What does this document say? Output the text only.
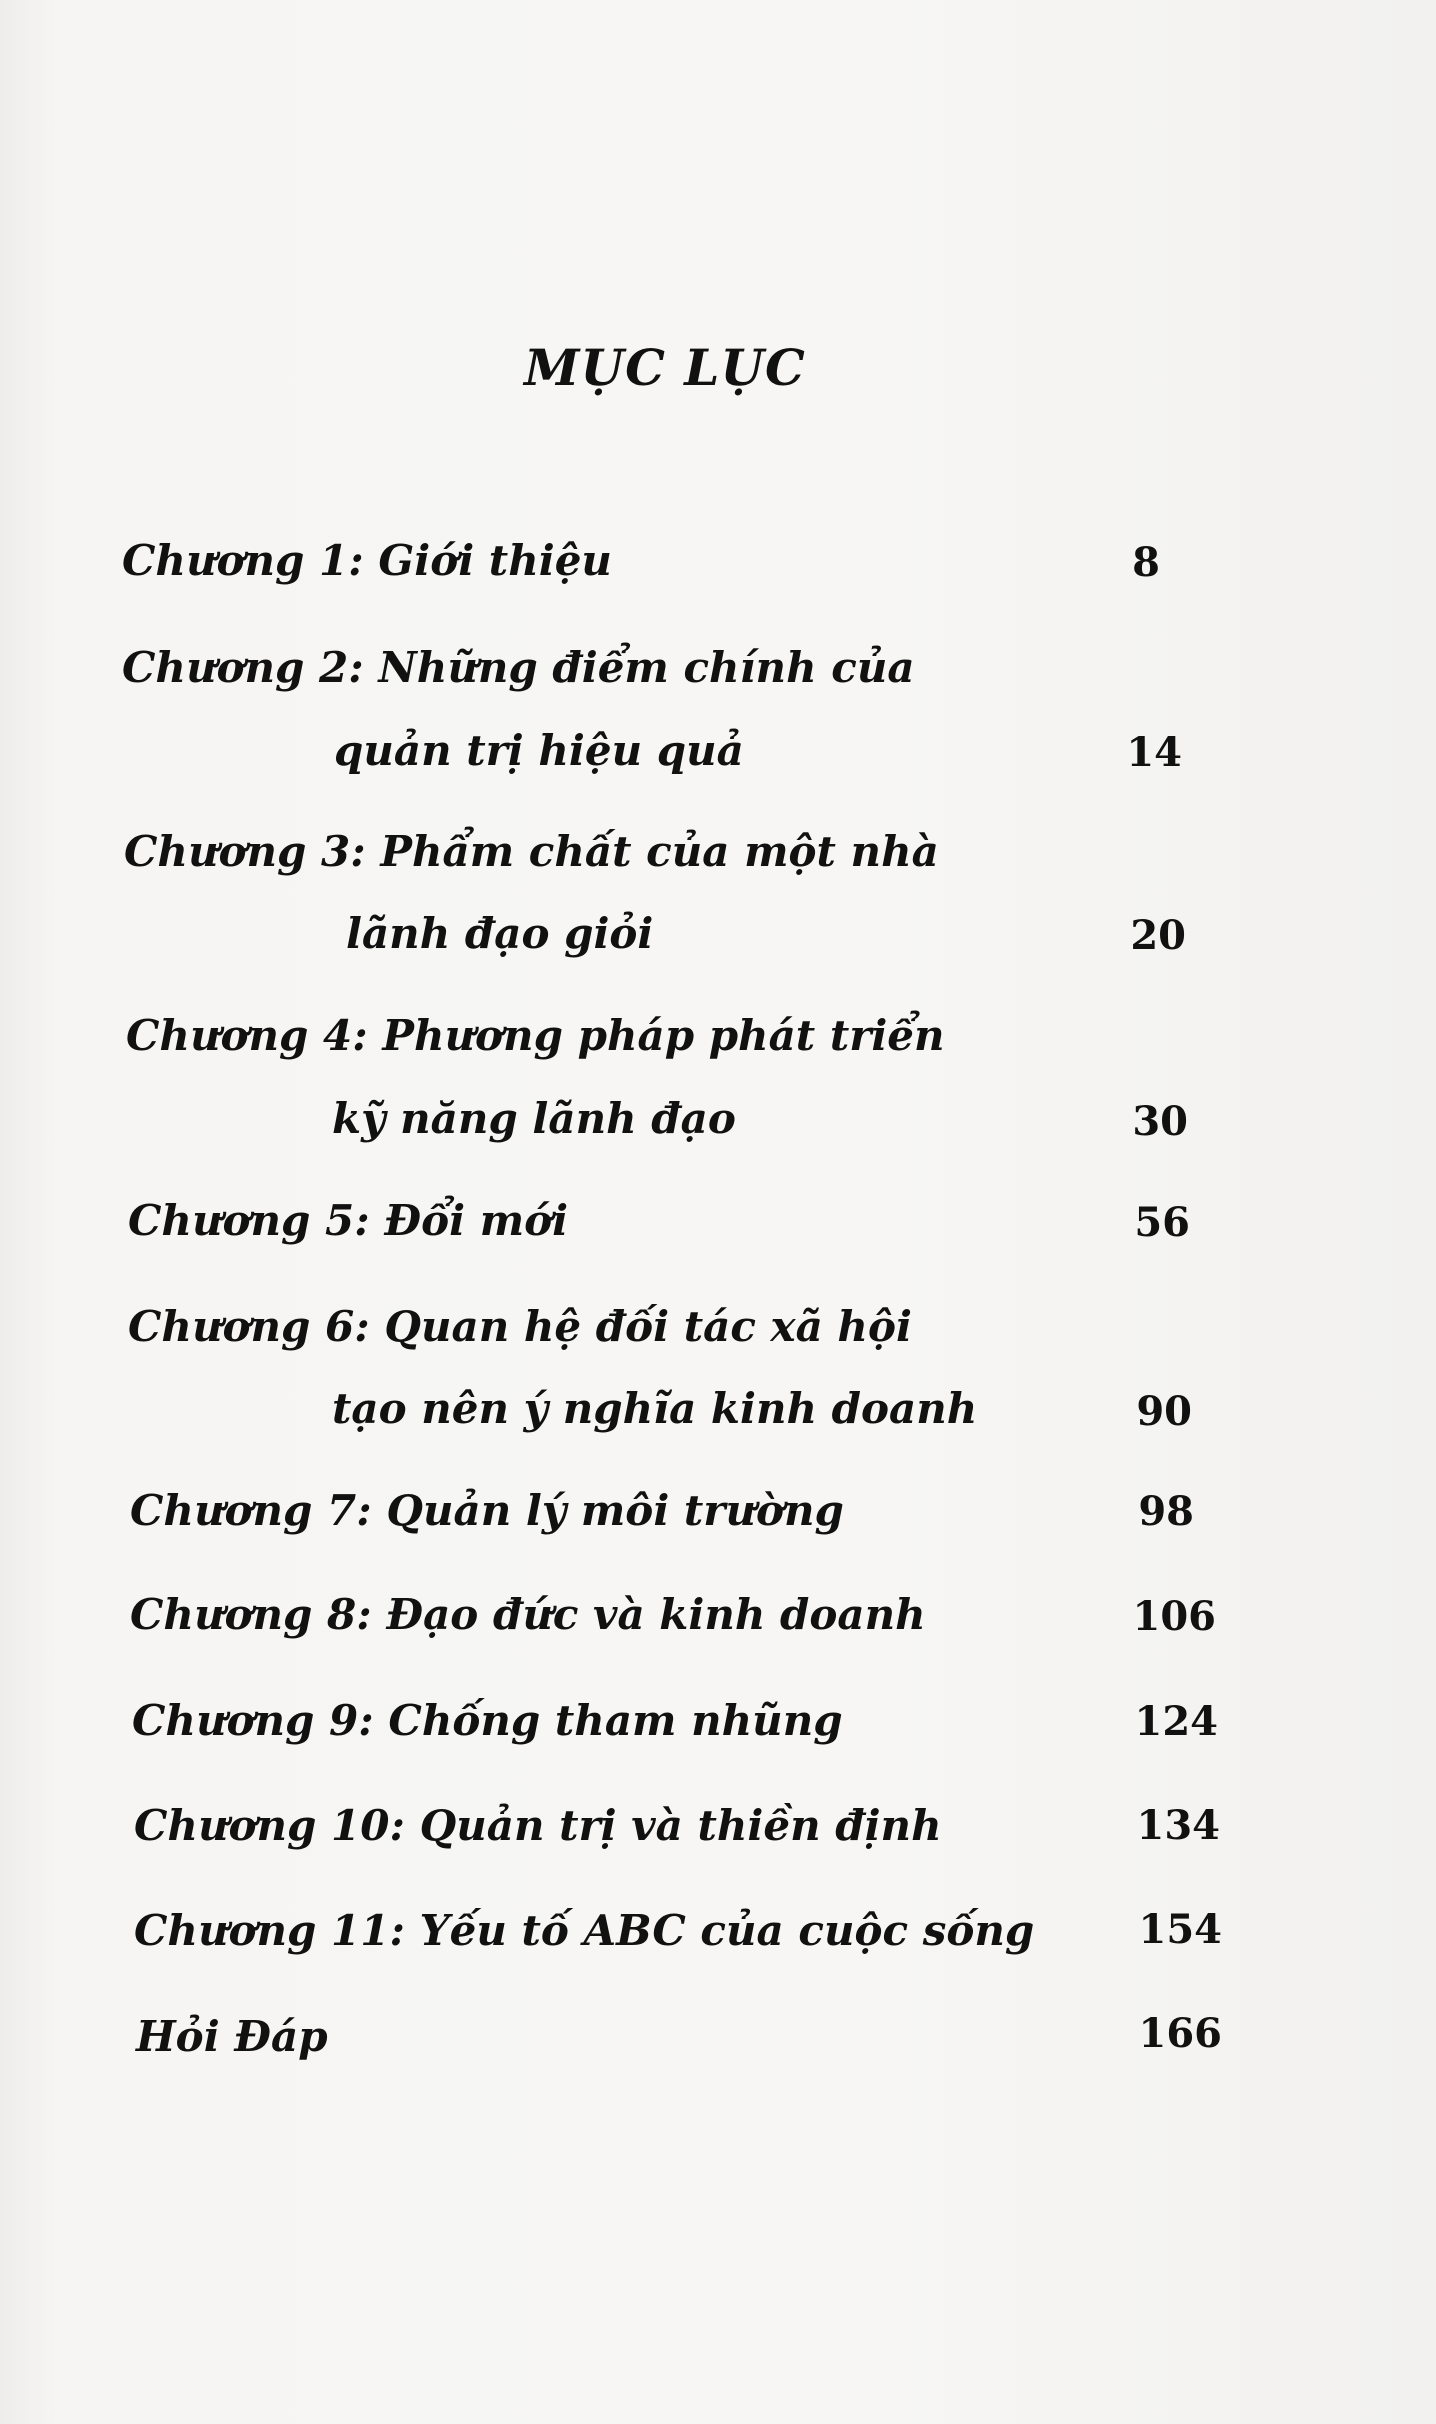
MỤC LỤC
Chương 1: Giới thiệu	8
Chương 2: Những điểm chính của
quản trị hiệu quả	14
Chương 3: Phẩm chất của một nhà
lãnh đạo giỏi	20
Chương 4: Phương pháp phát triển
kỹ năng lãnh đạo	30
Chương 5: Đổi mới	56
Chương 6: Quan hệ đối tác xã hội
tạo nên ý nghĩa kinh doanh	90
Chương 7: Quản lý môi trường	98
Chương 8: Đạo đức và kinh doanh	106
Chương 9: Chống tham nhũng	124
Chương 10: Quản trị và thiền định	134
Chương 11: Yếu tố ABC của cuộc sống	154
Hỏi Đáp	166
